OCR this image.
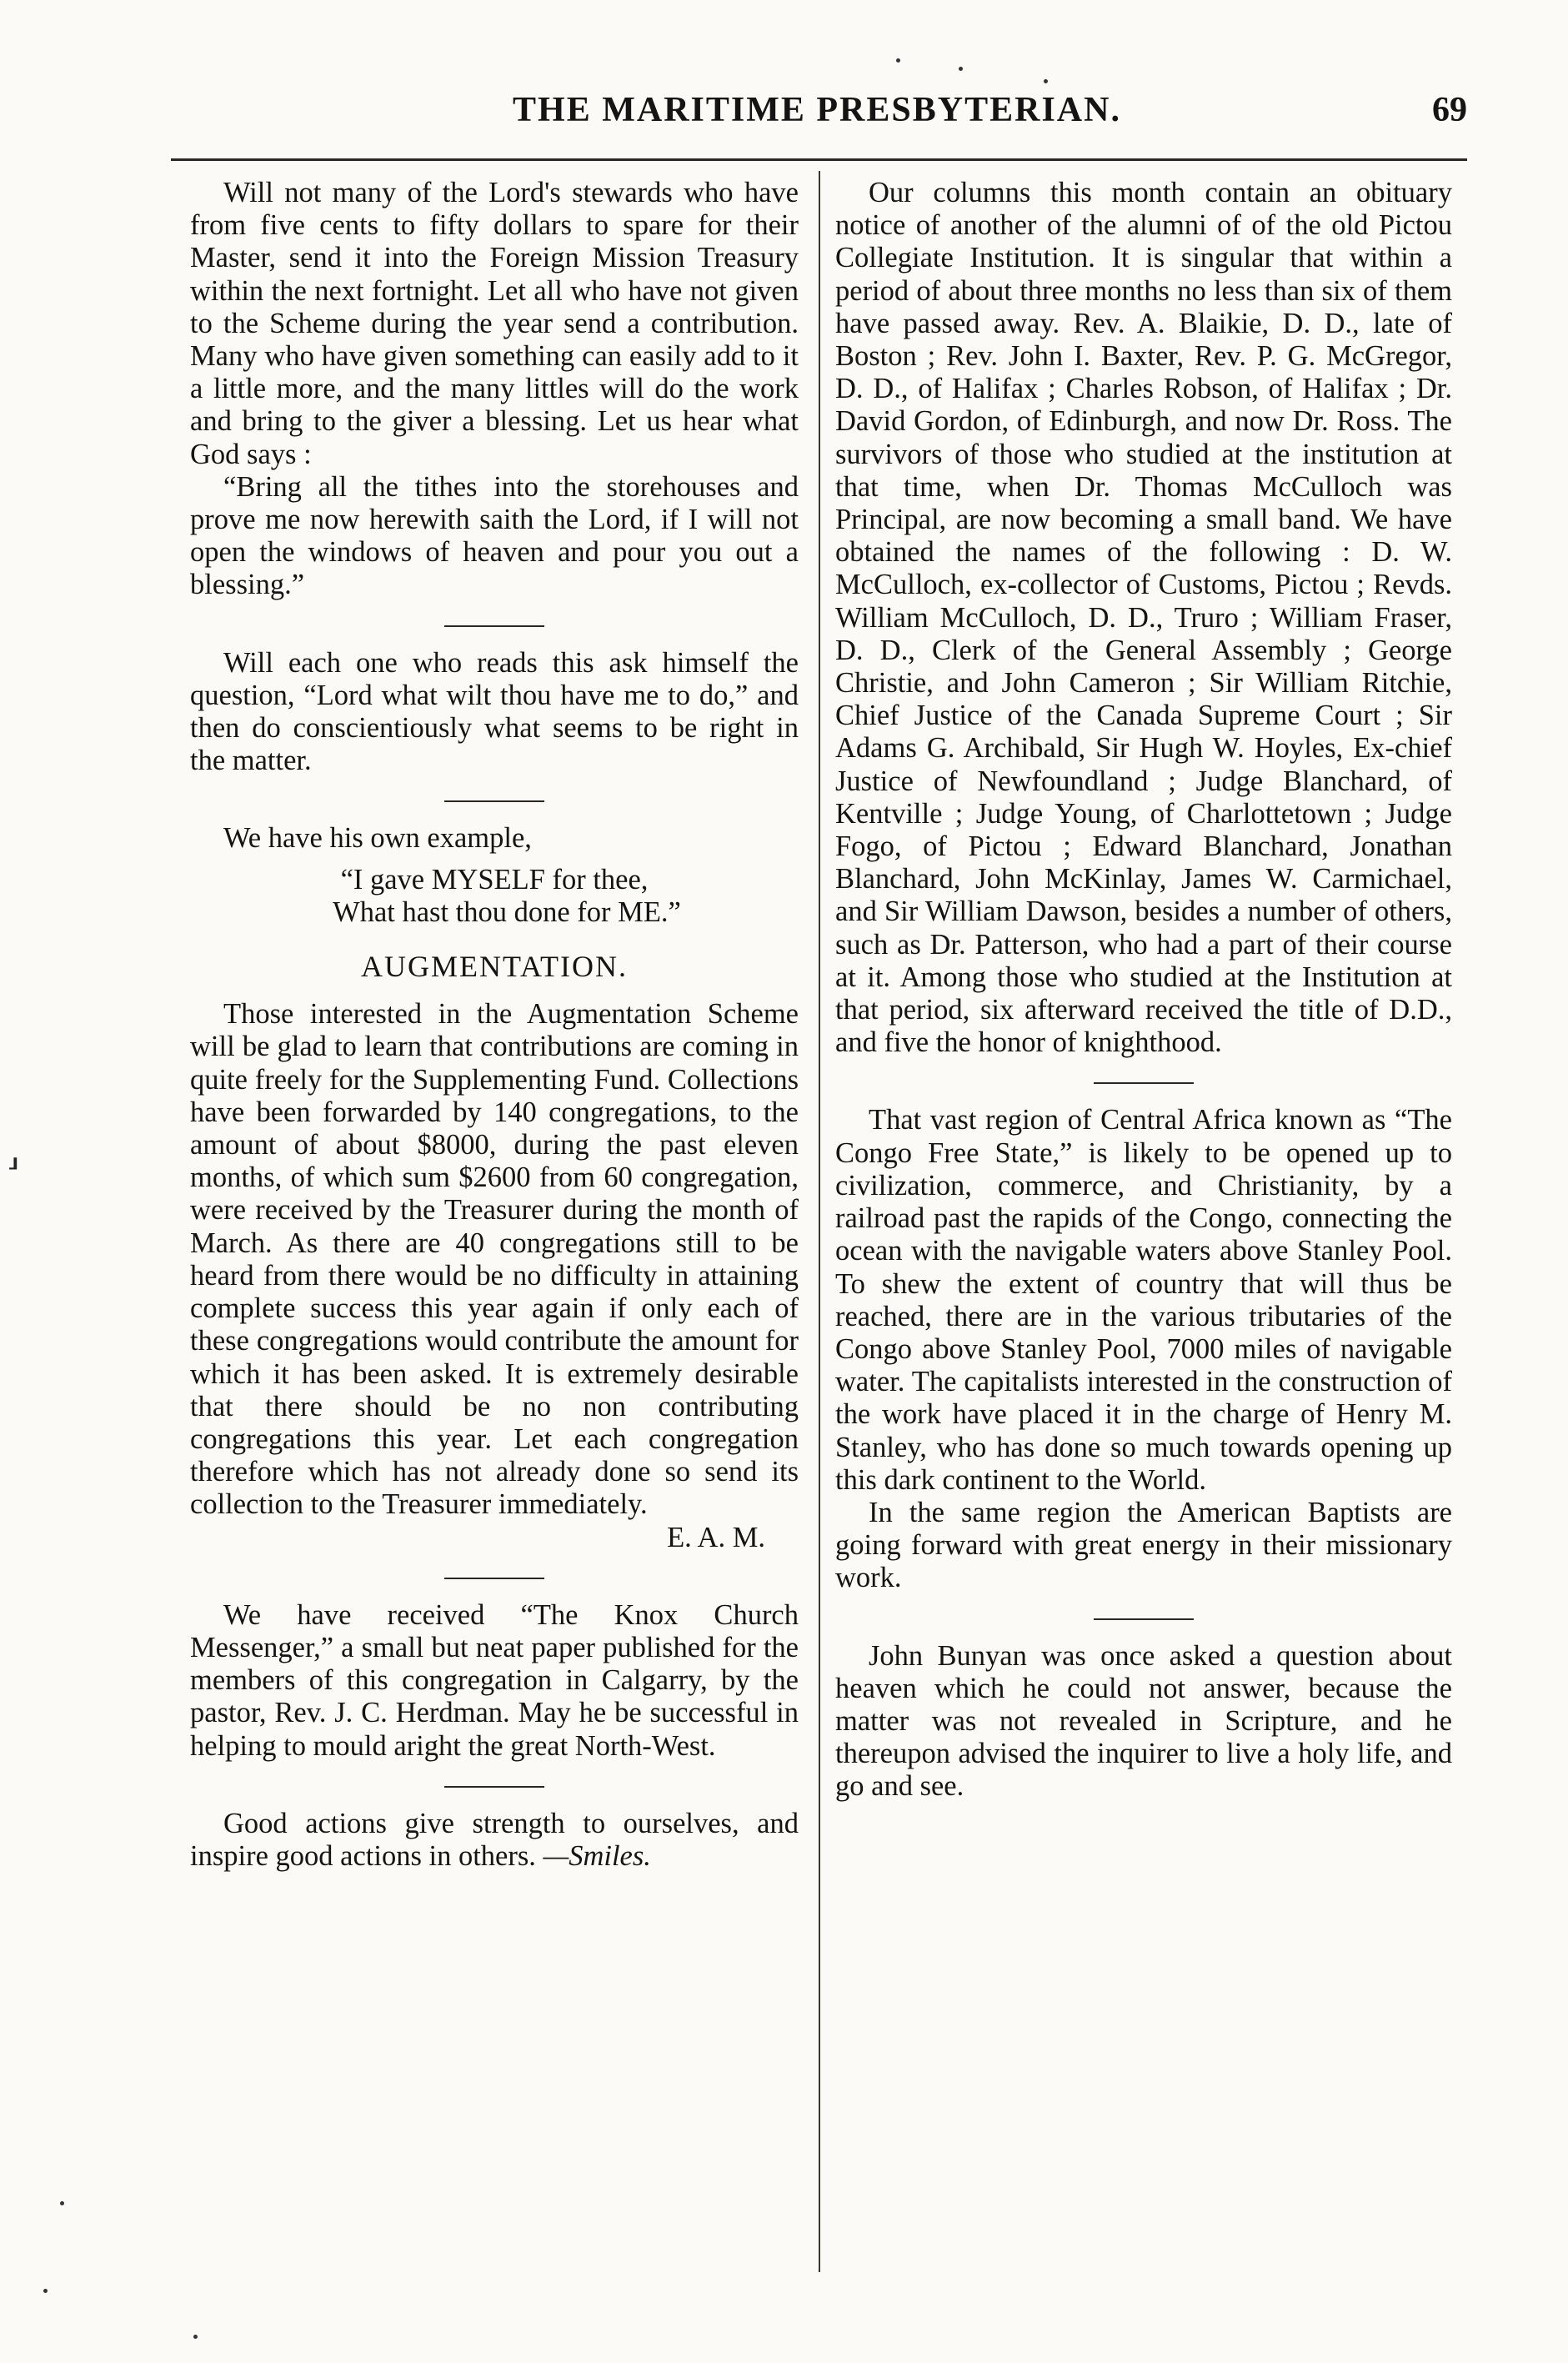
THE MARITIME PRESBYTERIAN.	69

Will not many of the Lord's stewards who have from five cents to fifty dollars to spare for their Master, send it into the Foreign Mission Treasury within the next fortnight. Let all who have not given to the Scheme during the year send a contribution. Many who have given something can easily add to it a little more, and the many littles will do the work and bring to the giver a blessing. Let us hear what God says :

“Bring all the tithes into the storehouses and prove me now herewith saith the Lord, if I will not open the windows of heaven and pour you out a blessing.”

Will each one who reads this ask himself the question, “Lord what wilt thou have me to do,” and then do conscientiously what seems to be right in the matter.

We have his own example,

“I gave MYSELF for thee,
What hast thou done for ME.”
AUGMENTATION.

Those interested in the Augmentation Scheme will be glad to learn that contributions are coming in quite freely for the Supplementing Fund. Collections have been forwarded by 140 congregations, to the amount of about $8000, during the past eleven months, of which sum $2600 from 60 congregation, were received by the Treasurer during the month of March. As there are 40 congregations still to be heard from there would be no difficulty in attaining complete success this year again if only each of these congregations would contribute the amount for which it has been asked. It is extremely desirable that there should be no non contributing congregations this year. Let each congregation therefore which has not already done so send its collection to the Treasurer immediately.

E. A. M.

We have received “The Knox Church Messenger,” a small but neat paper published for the members of this congregation in Calgarry, by the pastor, Rev. J. C. Herdman. May he be successful in helping to mould aright the great North-West.

Good actions give strength to ourselves, and inspire good actions in others. —Smiles.

Our columns this month contain an obituary notice of another of the alumni of of the old Pictou Collegiate Institution. It is singular that within a period of about three months no less than six of them have passed away. Rev. A. Blaikie, D. D., late of Boston ; Rev. John I. Baxter, Rev. P. G. McGregor, D. D., of Halifax ; Charles Robson, of Halifax ; Dr. David Gordon, of Edinburgh, and now Dr. Ross. The survivors of those who studied at the institution at that time, when Dr. Thomas McCulloch was Principal, are now becoming a small band. We have obtained the names of the following : D. W. McCulloch, ex-collector of Customs, Pictou ; Revds. William McCulloch, D. D., Truro ; William Fraser, D. D., Clerk of the General Assembly ; George Christie, and John Cameron ; Sir William Ritchie, Chief Justice of the Canada Supreme Court ; Sir Adams G. Archibald, Sir Hugh W. Hoyles, Ex-chief Justice of Newfoundland ; Judge Blanchard, of Kentville ; Judge Young, of Charlottetown ; Judge Fogo, of Pictou ; Edward Blanchard, Jonathan Blanchard, John McKinlay, James W. Carmichael, and Sir William Dawson, besides a number of others, such as Dr. Patterson, who had a part of their course at it. Among those who studied at the Institution at that period, six afterward received the title of D.D., and five the honor of knighthood.

That vast region of Central Africa known as “The Congo Free State,” is likely to be opened up to civilization, commerce, and Christianity, by a railroad past the rapids of the Congo, connecting the ocean with the navigable waters above Stanley Pool. To shew the extent of country that will thus be reached, there are in the various tributaries of the Congo above Stanley Pool, 7000 miles of navigable water. The capitalists interested in the construction of the work have placed it in the charge of Henry M. Stanley, who has done so much towards opening up this dark continent to the World.

In the same region the American Baptists are going forward with great energy in their missionary work.

John Bunyan was once asked a question about heaven which he could not answer, because the matter was not revealed in Scripture, and he thereupon advised the inquirer to live a holy life, and go and see.

⸥
